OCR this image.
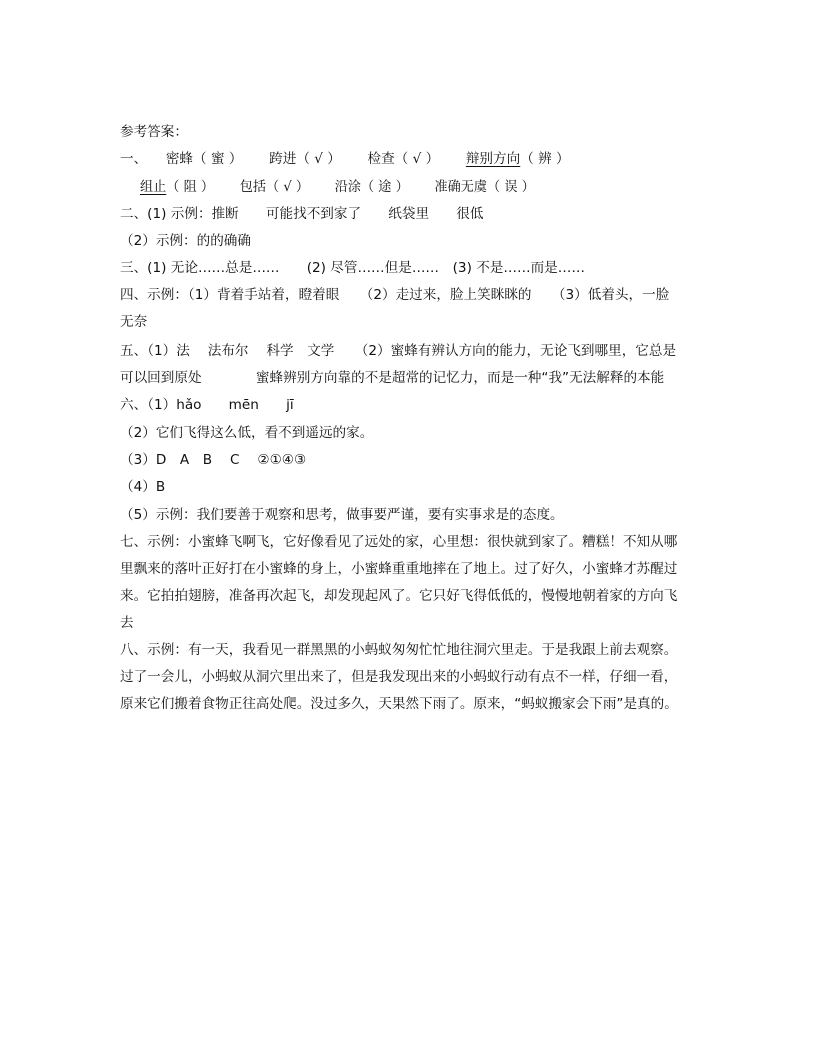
参考答案：
一、 密蜂（ 蜜 ）  跨进（ √ ）  检查（ √ ）  辩别方向（ 辨 ）
组止（ 阻 ）  包括（ √ ）  沿涂（ 途 ）  准确无虞（ 误 ）
二、(1) 示例：推断　　可能找不到家了　　纸袋里　　很低
（2）示例：的的确确
三、(1) 无论……总是……　　(2) 尽管……但是……　(3) 不是……而是……
四、示例：（1）背着手站着，瞪着眼　　（2）走过来，脸上笑眯眯的　　（3）低着头，一脸
无奈
五、（1）法　 法布尔　 科学　文学　　（2）蜜蜂有辨认方向的能力，无论飞到哪里，它总是
可以回到原处　　　　蜜蜂辨别方向靠的不是超常的记忆力，而是一种“我”无法解释的本能
六、（1）hǎo　　mēn　　jī
（2）它们飞得这么低，看不到遥远的家。
（3）D　A　B　 C　 ②①④③
（4）B
（5）示例：我们要善于观察和思考，做事要严谨，要有实事求是的态度。
七、示例：小蜜蜂飞啊飞，它好像看见了远处的家，心里想：很快就到家了。糟糕！不知从哪
里飘来的落叶正好打在小蜜蜂的身上，小蜜蜂重重地摔在了地上。过了好久，小蜜蜂才苏醒过
来。它拍拍翅膀，准备再次起飞，却发现起风了。它只好飞得低低的，慢慢地朝着家的方向飞
去
八、示例：有一天，我看见一群黑黑的小蚂蚁匆匆忙忙地往洞穴里走。于是我跟上前去观察。
过了一会儿，小蚂蚁从洞穴里出来了，但是我发现出来的小蚂蚁行动有点不一样，仔细一看，
原来它们搬着食物正往高处爬。没过多久，天果然下雨了。原来，“蚂蚁搬家会下雨”是真的。
